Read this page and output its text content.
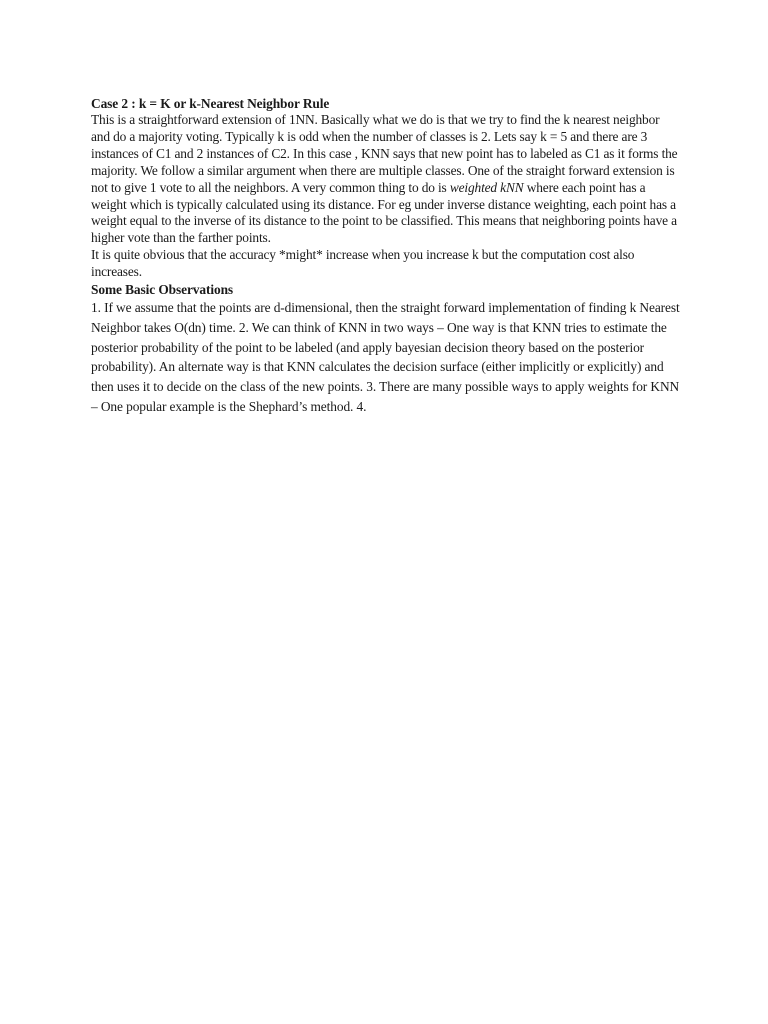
Case 2 : k = K or k-Nearest Neighbor Rule

This is a straightforward extension of 1NN. Basically what we do is that we try to find the k nearest neighbor and do a majority voting. Typically k is odd when the number of classes is 2. Lets say k = 5 and there are 3 instances of C1 and 2 instances of C2. In this case , KNN says that new point has to labeled as C1 as it forms the majority. We follow a similar argument when there are multiple classes. One of the straight forward extension is not to give 1 vote to all the neighbors. A very common thing to do is weighted kNN where each point has a weight which is typically calculated using its distance. For eg under inverse distance weighting, each point has a weight equal to the inverse of its distance to the point to be classified. This means that neighboring points have a higher vote than the farther points.

It is quite obvious that the accuracy *might* increase when you increase k but the computation cost also increases.

Some Basic Observations

1. If we assume that the points are d-dimensional, then the straight forward implementation of finding k Nearest Neighbor takes O(dn) time. 2. We can think of KNN in two ways – One way is that KNN tries to estimate the posterior probability of the point to be labeled (and apply bayesian decision theory based on the posterior probability). An alternate way is that KNN calculates the decision surface (either implicitly or explicitly) and then uses it to decide on the class of the new points. 3. There are many possible ways to apply weights for KNN – One popular example is the Shephard’s method. 4.
